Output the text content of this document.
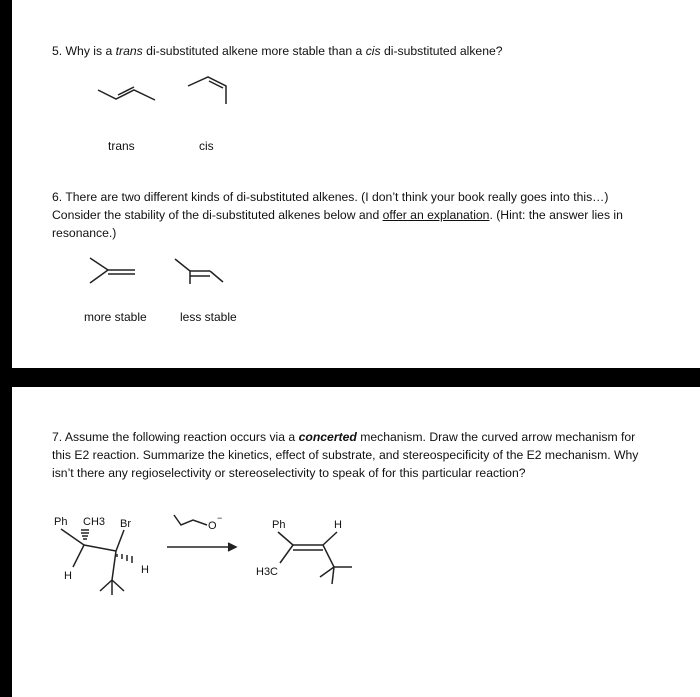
5. Why is a trans di-substituted alkene more stable than a cis di-substituted alkene?

trans	cis

6. There are two different kinds of di-substituted alkenes. (I don’t think your book really goes into this…)

Consider the stability of the di-substituted alkenes below and offer an explanation. (Hint: the answer lies in

resonance.)

more stable	less stable

7. Assume the following reaction occurs via a concerted mechanism. Draw the curved arrow mechanism for

this E2 reaction. Summarize the kinetics, effect of substrate, and stereospecificity of the E2 mechanism. Why

isn’t there any regioselectivity or stereoselectivity to speak of for this particular reaction?

Ph CH3 Br
H	H
O
−
Ph	H
H3C
